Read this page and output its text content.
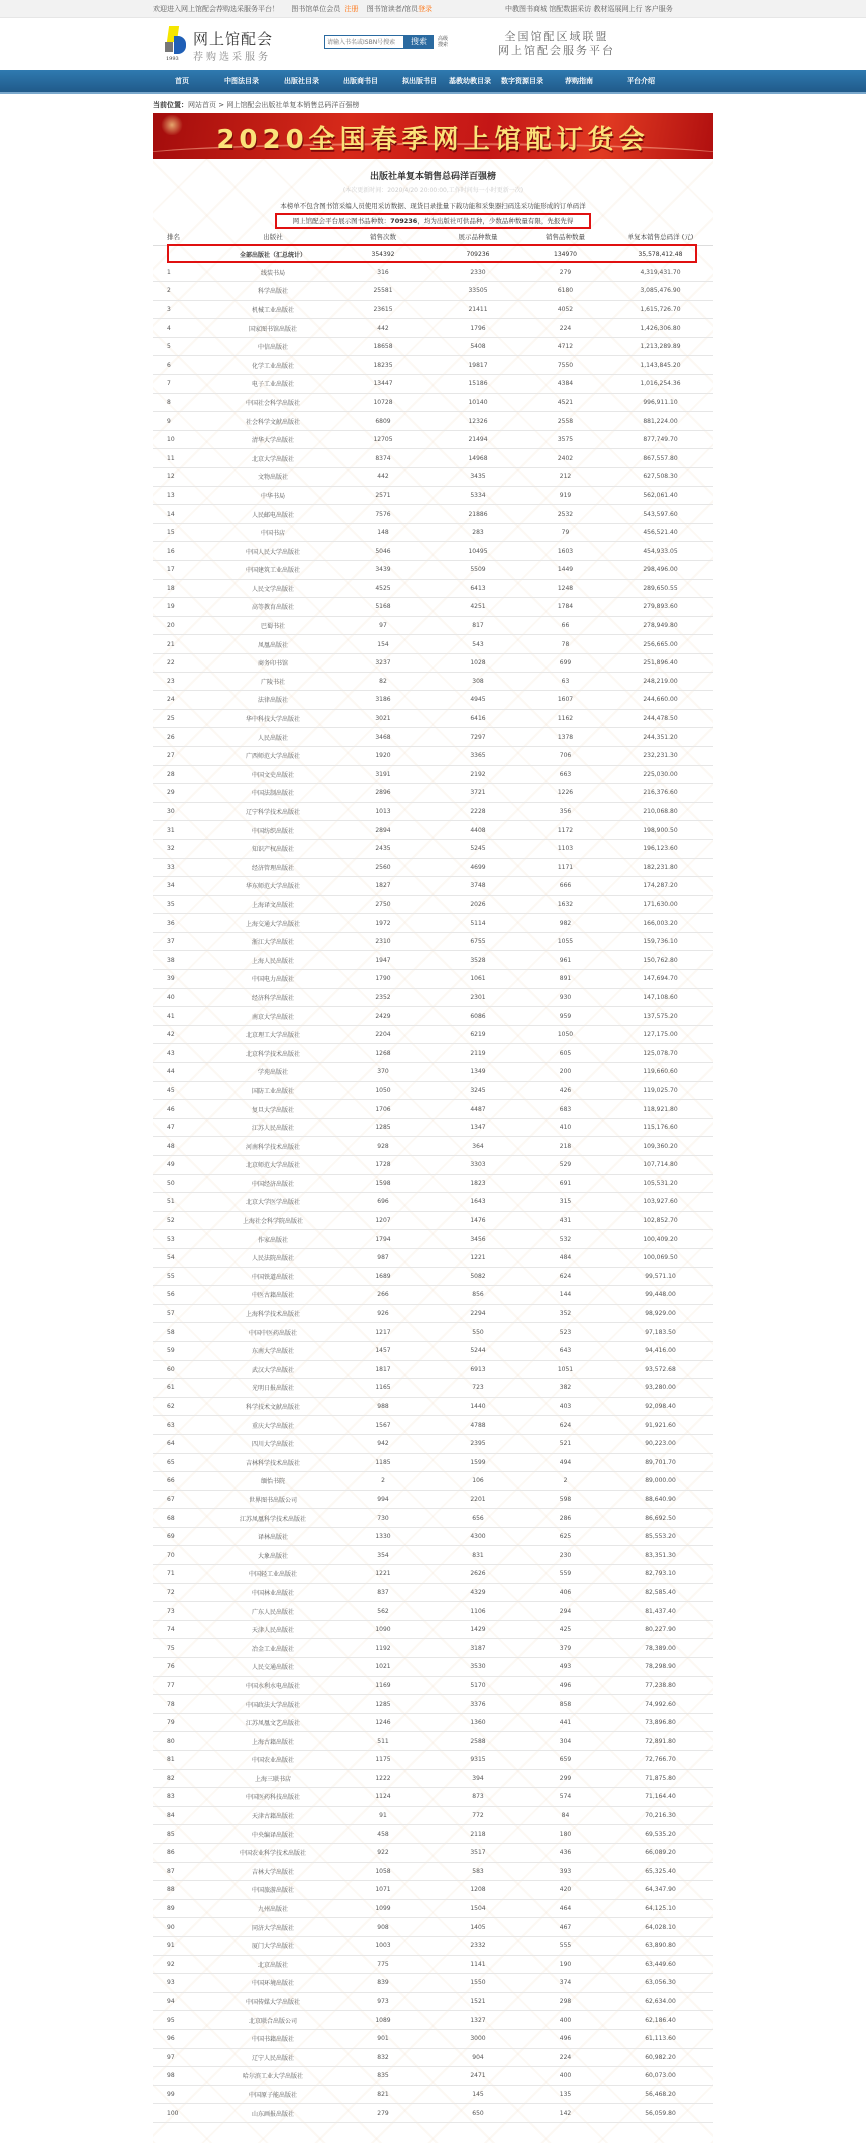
欢迎进入网上馆配会荐购选采服务平台！ 图书馆单位会员 注册 图书馆读者/馆员登录	中教图书商城 馆配数据采访 教材巡展网上行 客户服务
1993
网上馆配会
荐购选采服务
请输入书名或ISBN号搜索
搜索	高级搜索
全国馆配区域联盟
网上馆配会服务平台
首页	中图法目录	出版社目录	出版商书目	拟出版书目 基教幼教目录 数字资源目录	荐购指南	平台介绍
当前位置：网站首页 > 网上馆配会出版社单复本销售总码洋百强榜
2020全国春季网上馆配订货会
出版社单复本销售总码洋百强榜
(本次更新时间：2020/4/20 20:00:00,工作时间每一小时更新一次)
本榜单不包含图书馆采编人员使用采访数据、现货目录批量下载功能和采集器扫码选采功能形成的订单码洋
网上馆配会平台展示图书品种数：709236，均为出版社可供品种，少数品种数量有限，先报先得
排名	出版社	销售次数	展示品种数量	销售品种数量	单复本销售总码洋 (元)
	全部出版社（汇总统计）	354392	709236	134970	35,578,412.48
1	线装书局	316	2330	279	4,319,431.70
2	科学出版社	25581	33505	6180	3,085,476.90
3	机械工业出版社	23615	21411	4052	1,615,726.70
4	国家图书馆出版社	442	1796	224	1,426,306.80
5	中信出版社	18658	5408	4712	1,213,289.89
6	化学工业出版社	18235	19817	7550	1,143,845.20
7	电子工业出版社	13447	15186	4384	1,016,254.36
8	中国社会科学出版社	10728	10140	4521	996,911.10
9	社会科学文献出版社	6809	12326	2558	881,224.00
10	清华大学出版社	12705	21494	3575	877,749.70
11	北京大学出版社	8374	14968	2402	867,557.80
12	文物出版社	442	3435	212	627,508.30
13	中华书局	2571	5334	919	562,061.40
14	人民邮电出版社	7576	21886	2532	543,597.60
15	中国书店	148	283	79	456,521.40
16	中国人民大学出版社	5046	10495	1603	454,933.05
17	中国建筑工业出版社	3439	5509	1449	298,496.00
18	人民文学出版社	4525	6413	1248	289,650.55
19	高等教育出版社	5168	4251	1784	279,893.60
20	巴蜀书社	97	817	66	278,949.80
21	凤凰出版社	154	543	78	256,665.00
22	商务印书馆	3237	1028	699	251,896.40
23	广陵书社	82	308	63	248,219.00
24	法律出版社	3186	4945	1607	244,660.00
25	华中科技大学出版社	3021	6416	1162	244,478.50
26	人民出版社	3468	7297	1378	244,351.20
27	广西师范大学出版社	1920	3365	706	232,231.30
28	中国文史出版社	3191	2192	663	225,030.00
29	中国法制出版社	2896	3721	1226	216,376.60
30	辽宁科学技术出版社	1013	2228	356	210,068.80
31	中国纺织出版社	2894	4408	1172	198,900.50
32	知识产权出版社	2435	5245	1103	196,123.60
33	经济管理出版社	2560	4699	1171	182,231.80
34	华东师范大学出版社	1827	3748	666	174,287.20
35	上海译文出版社	2750	2026	1632	171,630.00
36	上海交通大学出版社	1972	5114	982	166,003.20
37	浙江大学出版社	2310	6755	1055	159,736.10
38	上海人民出版社	1947	3528	961	150,762.80
39	中国电力出版社	1790	1061	891	147,694.70
40	经济科学出版社	2352	2301	930	147,108.60
41	南京大学出版社	2429	6086	959	137,575.20
42	北京理工大学出版社	2204	6219	1050	127,175.00
43	北京科学技术出版社	1268	2119	605	125,078.70
44	学苑出版社	370	1349	200	119,660.60
45	国防工业出版社	1050	3245	426	119,025.70
46	复旦大学出版社	1706	4487	683	118,921.80
47	江苏人民出版社	1285	1347	410	115,176.60
48	河南科学技术出版社	928	364	218	109,360.20
49	北京师范大学出版社	1728	3303	529	107,714.80
50	中国经济出版社	1598	1823	691	105,531.20
51	北京大学医学出版社	696	1643	315	103,927.60
52	上海社会科学院出版社	1207	1476	431	102,852.70
53	作家出版社	1794	3456	532	100,409.20
54	人民法院出版社	987	1221	484	100,069.50
55	中国铁道出版社	1689	5082	624	99,571.10
56	中医古籍出版社	266	856	144	99,448.00
57	上海科学技术出版社	926	2294	352	98,929.00
58	中国中医药出版社	1217	550	523	97,183.50
59	东南大学出版社	1457	5244	643	94,416.00
60	武汉大学出版社	1817	6913	1051	93,572.68
61	光明日报出版社	1165	723	382	93,280.00
62	科学技术文献出版社	988	1440	403	92,098.40
63	重庆大学出版社	1567	4788	624	91,921.60
64	四川大学出版社	942	2395	521	90,223.00
65	吉林科学技术出版社	1185	1599	494	89,701.70
66	缅怡书院	2	106	2	89,000.00
67	世界图书出版公司	994	2201	598	88,640.90
68	江苏凤凰科学技术出版社	730	656	286	86,692.50
69	译林出版社	1330	4300	625	85,553.20
70	大象出版社	354	831	230	83,351.30
71	中国轻工业出版社	1221	2626	559	82,793.10
72	中国林业出版社	837	4329	406	82,585.40
73	广东人民出版社	562	1106	294	81,437.40
74	天津人民出版社	1090	1429	425	80,227.90
75	冶金工业出版社	1192	3187	379	78,389.00
76	人民交通出版社	1021	3530	493	78,298.90
77	中国水利水电出版社	1169	5170	496	77,238.80
78	中国政法大学出版社	1285	3376	858	74,992.60
79	江苏凤凰文艺出版社	1246	1360	441	73,896.80
80	上海古籍出版社	511	2588	304	72,891.80
81	中国农业出版社	1175	9315	659	72,766.70
82	上海三联书店	1222	394	299	71,875.80
83	中国医药科技出版社	1124	873	574	71,164.40
84	天津古籍出版社	91	772	84	70,216.30
85	中央编译出版社	458	2118	180	69,535.20
86	中国农业科学技术出版社	922	3517	436	66,089.20
87	吉林大学出版社	1058	583	393	65,325.40
88	中国旅游出版社	1071	1208	420	64,347.90
89	九州出版社	1099	1504	464	64,125.10
90	同济大学出版社	908	1405	467	64,028.10
91	厦门大学出版社	1003	2332	555	63,890.80
92	北京出版社	775	1141	190	63,449.60
93	中国环境出版社	839	1550	374	63,056.30
94	中国传媒大学出版社	973	1521	298	62,634.00
95	北京联合出版公司	1089	1327	400	62,186.40
96	中国书籍出版社	901	3000	496	61,113.60
97	辽宁人民出版社	832	904	224	60,982.20
98	哈尔滨工业大学出版社	835	2471	400	60,073.00
99	中国原子能出版社	821	145	135	56,468.20
100	山东画报出版社	279	650	142	56,059.80
